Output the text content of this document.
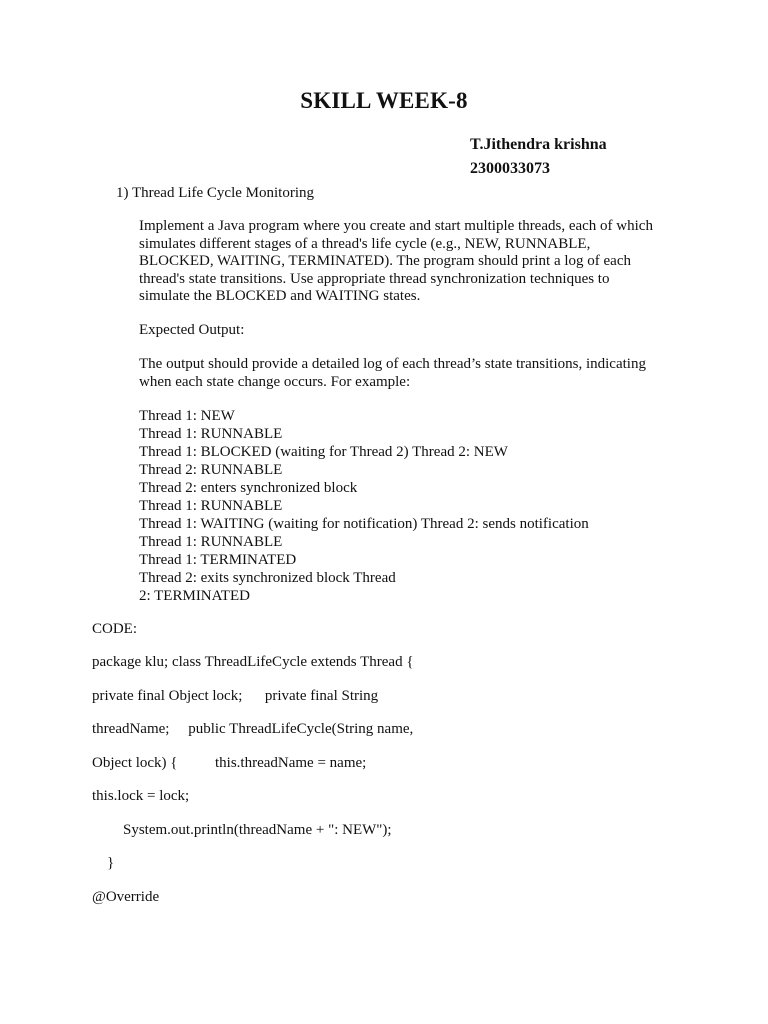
SKILL WEEK-8
T.Jithendra krishna
2300033073
1) Thread Life Cycle Monitoring
Implement a Java program where you create and start multiple threads, each of which
simulates different stages of a thread's life cycle (e.g., NEW, RUNNABLE,
BLOCKED, WAITING, TERMINATED). The program should print a log of each
thread's state transitions. Use appropriate thread synchronization techniques to
simulate the BLOCKED and WAITING states.
Expected Output:
The output should provide a detailed log of each thread’s state transitions, indicating
when each state change occurs. For example:
Thread 1: NEW
Thread 1: RUNNABLE
Thread 1: BLOCKED (waiting for Thread 2) Thread 2: NEW
Thread 2: RUNNABLE
Thread 2: enters synchronized block
Thread 1: RUNNABLE
Thread 1: WAITING (waiting for notification) Thread 2: sends notification
Thread 1: RUNNABLE
Thread 1: TERMINATED
Thread 2: exits synchronized block Thread
2: TERMINATED
CODE:
package klu; class ThreadLifeCycle extends Thread {
private final Object lock;      private final String
threadName;     public ThreadLifeCycle(String name,
Object lock) {          this.threadName = name;
this.lock = lock;
System.out.println(threadName + ": NEW");
}
@Override
